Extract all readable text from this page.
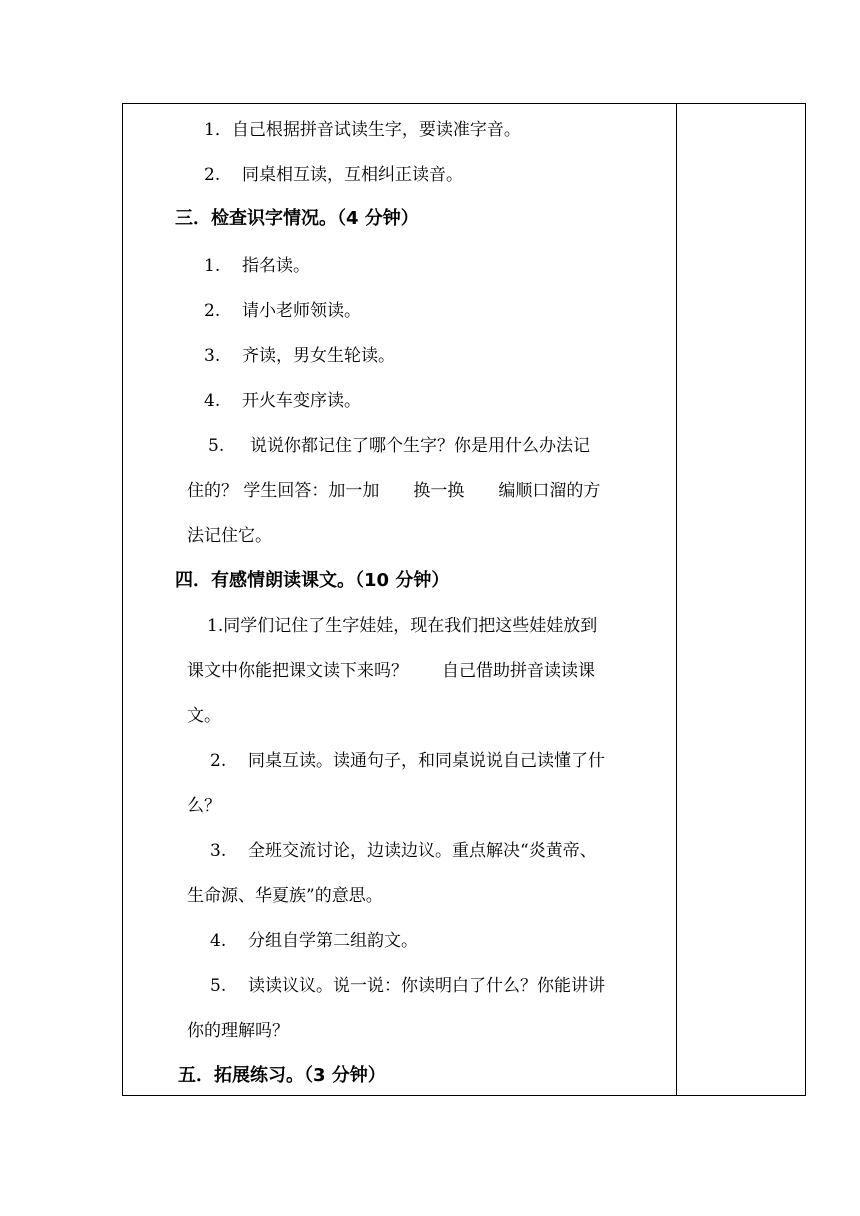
1．自己根据拼音试读生字，要读准字音。
2. 同桌相互读，互相纠正读音。
三．检查识字情况。（4 分钟）
1. 指名读。
2. 请小老师领读。
3. 齐读，男女生轮读。
4. 开火车变序读。
5. 说说你都记住了哪个生字？你是用什么办法记
住的？ 学生回答：加一加 换一换 编顺口溜的方
法记住它。
四．有感情朗读课文。（10 分钟）
1.同学们记住了生字娃娃，现在我们把这些娃娃放到
课文中你能把课文读下来吗？ 自己借助拼音读读课
文。
2. 同桌互读。读通句子，和同桌说说自己读懂了什
么？
3. 全班交流讨论，边读边议。重点解决“炎黄帝、
生命源、华夏族”的意思。
4. 分组自学第二组韵文。
5. 读读议议。说一说：你读明白了什么？你能讲讲
你的理解吗？
五．拓展练习。（3 分钟）
